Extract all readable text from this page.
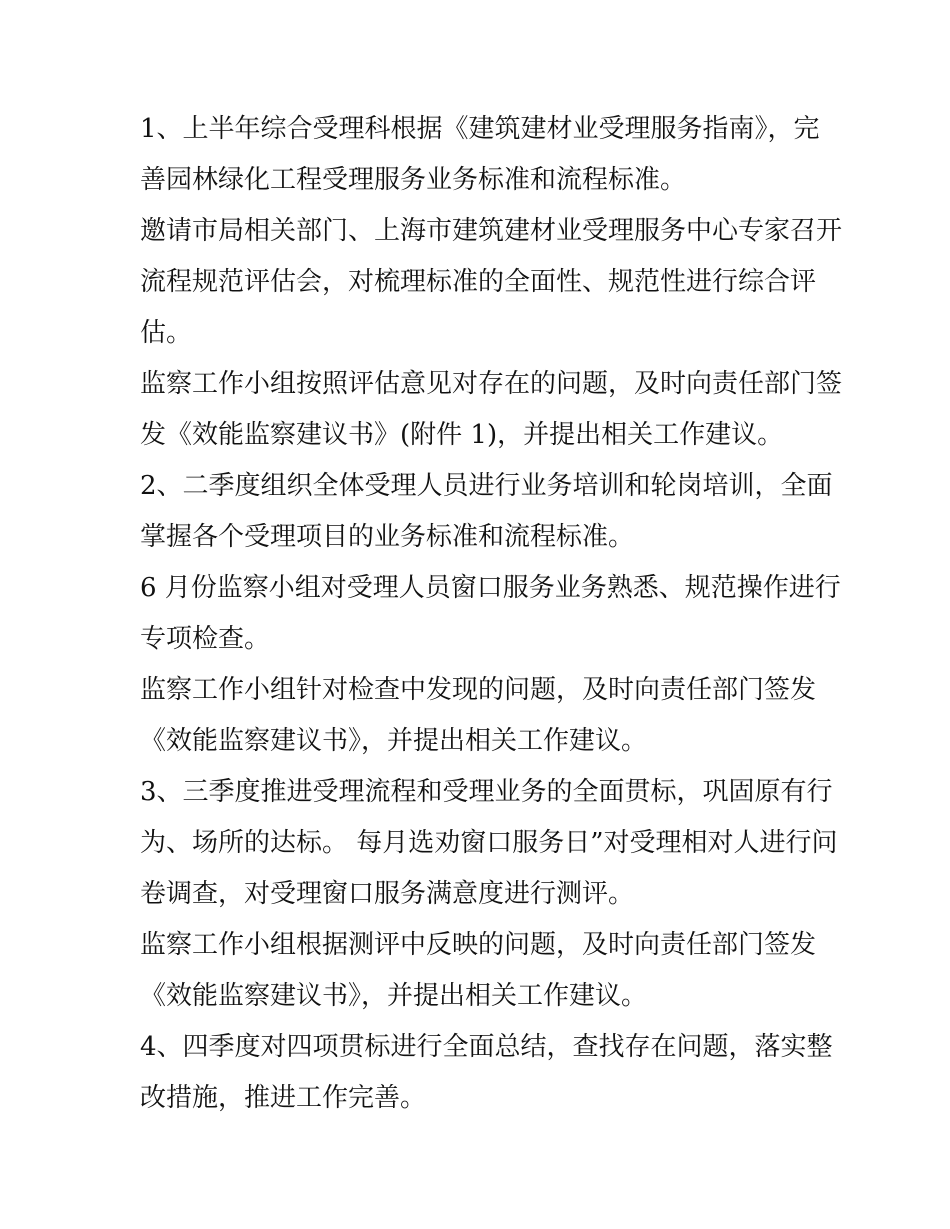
1、上半年综合受理科根据《建筑建材业受理服务指南》，完

善园林绿化工程受理服务业务标准和流程标准。

邀请市局相关部门、上海市建筑建材业受理服务中心专家召开

流程规范评估会，对梳理标准的全面性、规范性进行综合评

估。

监察工作小组按照评估意见对存在的问题，及时向责任部门签

发《效能监察建议书》(附件 1)，并提出相关工作建议。

2、二季度组织全体受理人员进行业务培训和轮岗培训，全面

掌握各个受理项目的业务标准和流程标准。

6 月份监察小组对受理人员窗口服务业务熟悉、规范操作进行

专项检查。

监察工作小组针对检查中发现的问题，及时向责任部门签发

《效能监察建议书》，并提出相关工作建议。

3、三季度推进受理流程和受理业务的全面贯标，巩固原有行

为、场所的达标。 每月选劝窗口服务日”对受理相对人进行问

卷调查，对受理窗口服务满意度进行测评。

监察工作小组根据测评中反映的问题，及时向责任部门签发

《效能监察建议书》，并提出相关工作建议。

4、四季度对四项贯标进行全面总结，查找存在问题，落实整

改措施，推进工作完善。
